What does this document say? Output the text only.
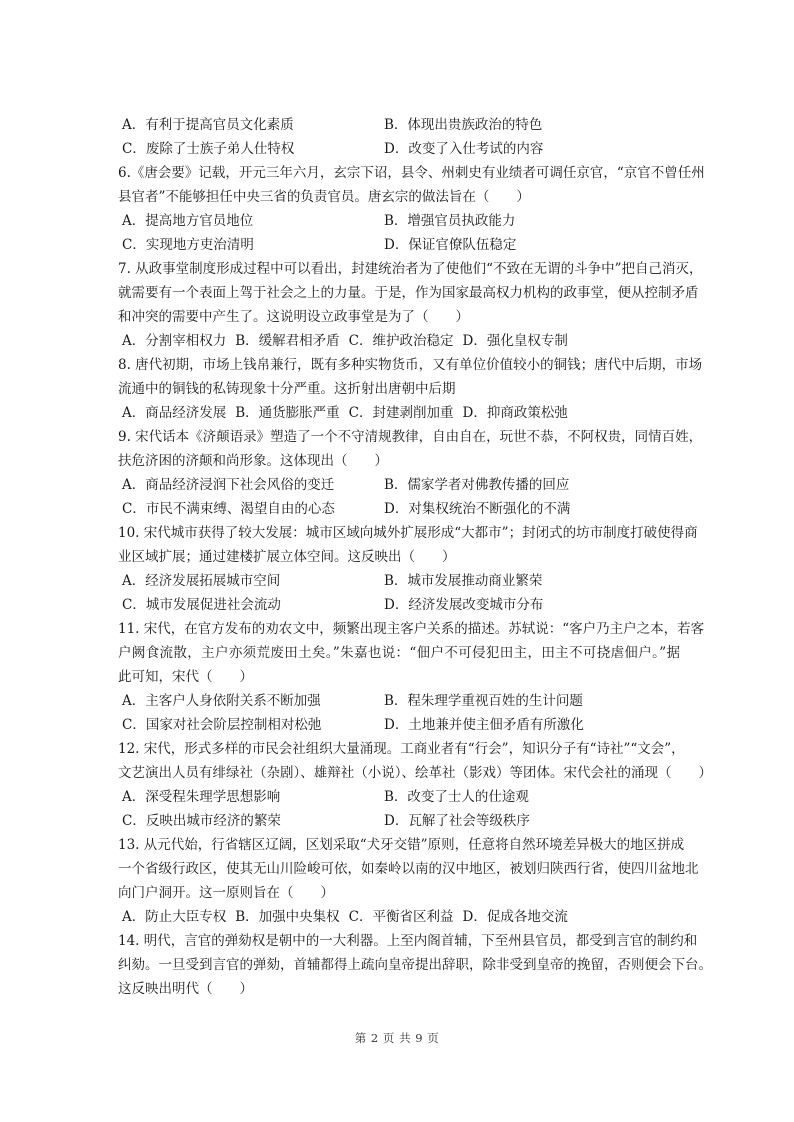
A．有利于提高官员文化素质	B．体现出贵族政治的特色
C．废除了士族子弟人仕特权	D．改变了入仕考试的内容
6.《唐会要》记载，开元三年六月，玄宗下诏，县令、州刺史有业绩者可调任京官，“京官不曾任州
县官者”不能够担任中央三省的负责官员。唐玄宗的做法旨在（　　）
A．提高地方官员地位	B．增强官员执政能力
C．实现地方吏治清明	D．保证官僚队伍稳定
7. 从政事堂制度形成过程中可以看出，封建统治者为了使他们“不致在无谓的斗争中”把自己消灭，
就需要有一个表面上驾于社会之上的力量。于是，作为国家最高权力机构的政事堂，便从控制矛盾
和冲突的需要中产生了。这说明设立政事堂是为了（　　）
A．分割宰相权力 B．缓解君相矛盾 C．维护政治稳定 D．强化皇权专制
8. 唐代初期，市场上钱帛兼行，既有多种实物货币，又有单位价值较小的铜钱；唐代中后期，市场
流通中的铜钱的私铸现象十分严重。这折射出唐朝中后期
A．商品经济发展 B．通货膨胀严重 C．封建剥削加重 D．抑商政策松弛
9. 宋代话本《济颠语录》塑造了一个不守清规教律，自由自在，玩世不恭，不阿权贵，同情百姓，
扶危济困的济颠和尚形象。这体现出（　　）
A．商品经济浸润下社会风俗的变迁	B．儒家学者对佛教传播的回应
C．市民不满束缚、渴望自由的心态	D．对集权统治不断强化的不满
10. 宋代城市获得了较大发展：城市区域向城外扩展形成“大都市”；封闭式的坊市制度打破使得商
业区域扩展；通过建楼扩展立体空间。这反映出（　　）
A．经济发展拓展城市空间	B．城市发展推动商业繁荣
C．城市发展促进社会流动	D．经济发展改变城市分布
11. 宋代，在官方发布的劝农文中，频繁出现主客户关系的描述。苏轼说：“客户乃主户之本，若客
户阙食流散，主户亦须荒废田土矣。”朱嘉也说：“佃户不可侵犯田主，田主不可挠虐佃户。”据
此可知，宋代（　　）
A．主客户人身依附关系不断加强	B．程朱理学重视百姓的生计问题
C．国家对社会阶层控制相对松弛	D．土地兼并使主佃矛盾有所激化
12. 宋代，形式多样的市民会社组织大量涌现。工商业者有“行会”，知识分子有“诗社”“文会”，
文艺演出人员有绯绿社（杂剧）、雄辩社（小说）、绘革社（影戏）等团体。宋代会社的涌现（　　）
A．深受程朱理学思想影响	B．改变了士人的仕途观
C．反映出城市经济的繁荣	D．瓦解了社会等级秩序
13. 从元代始，行省辖区辽阔，区划采取“犬牙交错”原则，任意将自然环境差异极大的地区拼成
一个省级行政区，使其无山川险峻可依，如秦岭以南的汉中地区，被划归陕西行省，使四川盆地北
向门户洞开。这一原则旨在（　　）
A．防止大臣专权 B．加强中央集权 C．平衡省区利益 D．促成各地交流
14. 明代，言官的弹劾权是朝中的一大利器。上至内阁首辅，下至州县官员，都受到言官的制约和
纠劾。一旦受到言官的弹劾，首辅都得上疏向皇帝提出辞职，除非受到皇帝的挽留，否则便会下台。
这反映出明代（　　）
第 2 页 共 9 页
